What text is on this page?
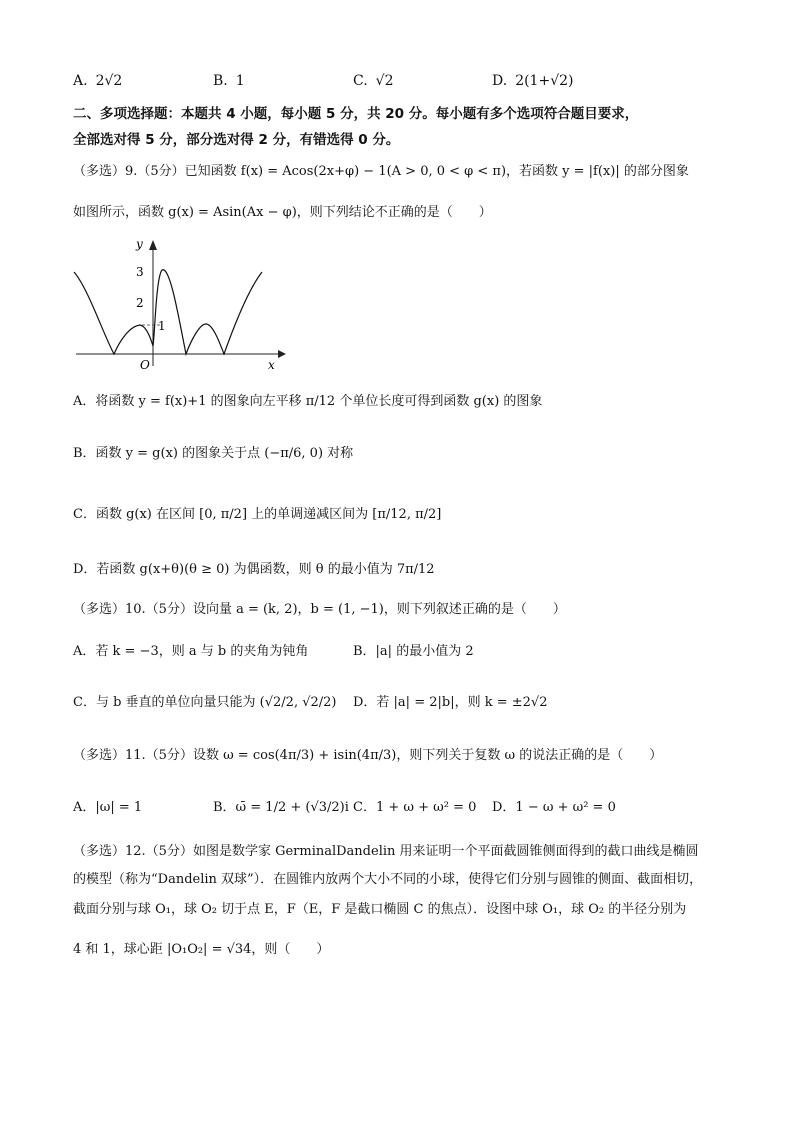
A. 2√2	B. 1	C. √2	D. 2(1+√2)
二、多项选择题：本题共 4 小题，每小题 5 分，共 20 分。每小题有多个选项符合题目要求，
全部选对得 5 分，部分选对得 2 分，有错选得 0 分。
（多选）9.（5分）已知函数 f(x) = Acos(2x+φ) − 1(A > 0, 0 < φ < π)，若函数 y = |f(x)| 的部分图象
如图所示，函数 g(x) = Asin(Ax − φ)，则下列结论不正确的是（　　）
y
x
O
3
2
1
A．将函数 y = f(x)+1 的图象向左平移 π/12 个单位长度可得到函数 g(x) 的图象
B．函数 y = g(x) 的图象关于点 (−π/6, 0) 对称
C．函数 g(x) 在区间 [0, π/2] 上的单调递减区间为 [π/12, π/2]
D．若函数 g(x+θ)(θ ≥ 0) 为偶函数，则 θ 的最小值为 7π/12
（多选）10.（5分）设向量 a = (k, 2)，b = (1, −1)，则下列叙述正确的是（　　）
A．若 k = −3，则 a 与 b 的夹角为钝角	B．|a| 的最小值为 2
C．与 b 垂直的单位向量只能为 (√2/2, √2/2) D．若 |a| = 2|b|，则 k = ±2√2
（多选）11.（5分）设数 ω = cos(4π/3) + isin(4π/3)，则下列关于复数 ω 的说法正确的是（　　）
A．|ω| = 1	B．ω̄ = 1/2 + (√3/2)i C．1 + ω + ω² = 0 D．1 − ω + ω² = 0
（多选）12.（5分）如图是数学家 GerminalDandelin 用来证明一个平面截圆锥侧面得到的截口曲线是椭圆
的模型（称为“Dandelin 双球”）．在圆锥内放两个大小不同的小球，使得它们分别与圆锥的侧面、截面相切，
截面分别与球 O₁，球 O₂ 切于点 E，F（E，F 是截口椭圆 C 的焦点）．设图中球 O₁，球 O₂ 的半径分别为
4 和 1，球心距 |O₁O₂| = √34，则（　　）
